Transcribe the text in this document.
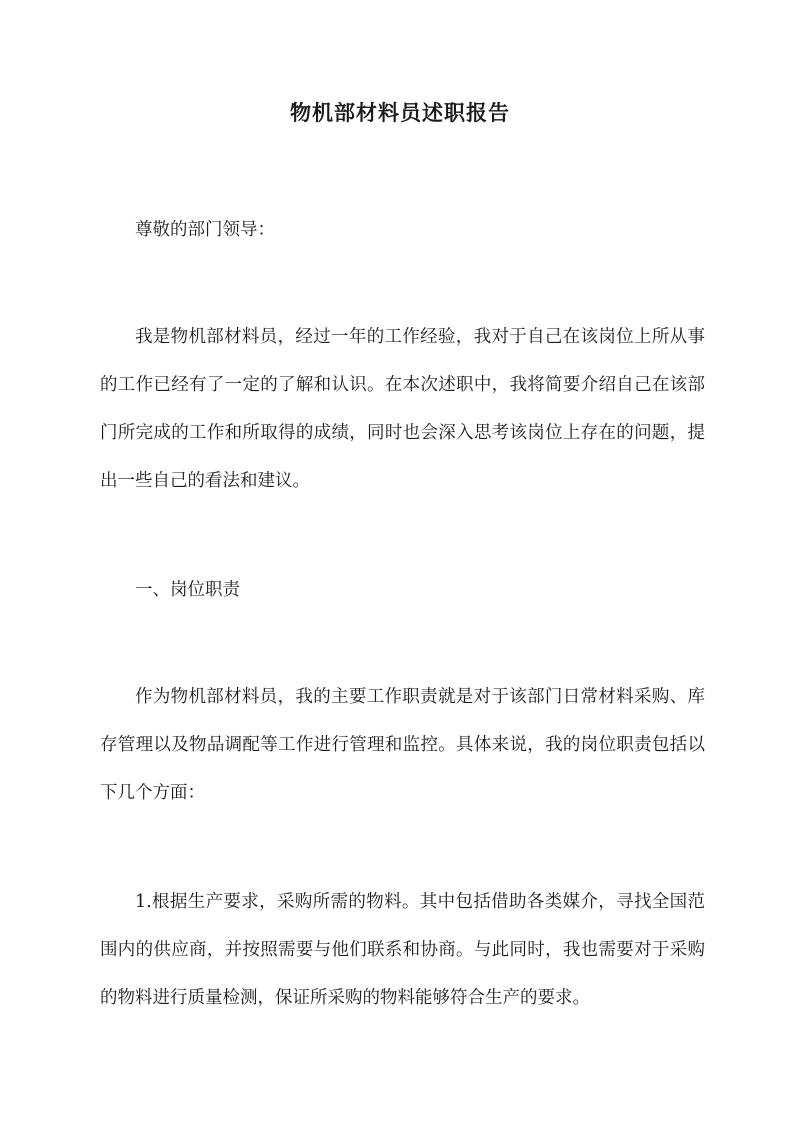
物机部材料员述职报告

尊敬的部门领导：

我是物机部材料员，经过一年的工作经验，我对于自己在该岗位上所从事的工作已经有了一定的了解和认识。在本次述职中，我将简要介绍自己在该部门所完成的工作和所取得的成绩，同时也会深入思考该岗位上存在的问题，提出一些自己的看法和建议。

一、岗位职责

作为物机部材料员，我的主要工作职责就是对于该部门日常材料采购、库存管理以及物品调配等工作进行管理和监控。具体来说，我的岗位职责包括以下几个方面：

1.根据生产要求，采购所需的物料。其中包括借助各类媒介，寻找全国范围内的供应商，并按照需要与他们联系和协商。与此同时，我也需要对于采购的物料进行质量检测，保证所采购的物料能够符合生产的要求。
